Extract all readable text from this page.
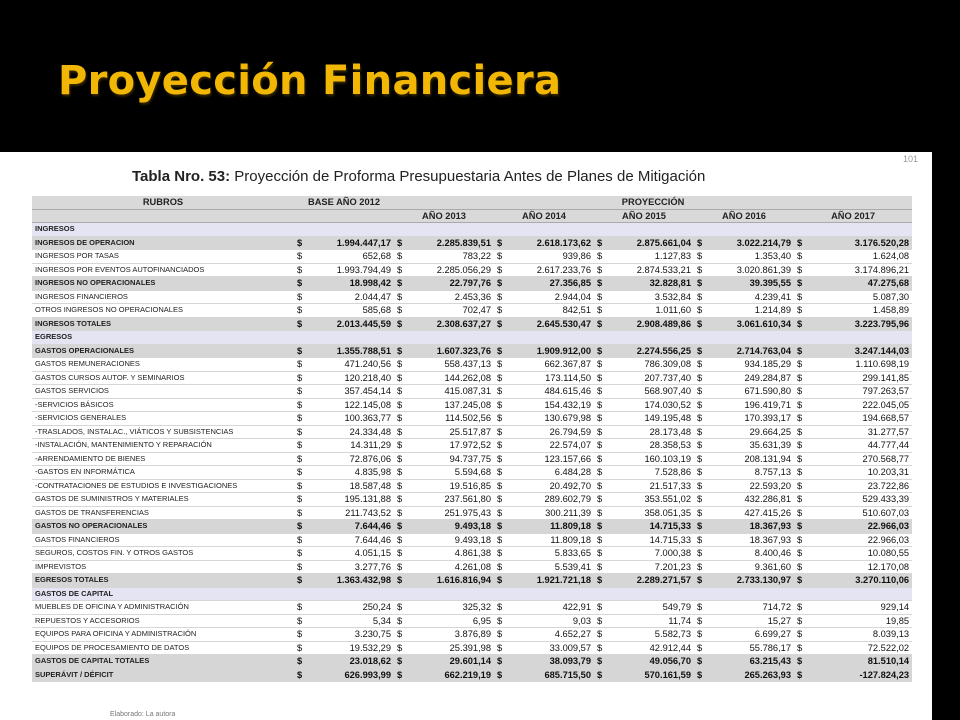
Proyección Financiera
101
Tabla Nro. 53: Proyección de Proforma Presupuestaria Antes de Planes de Mitigación
RUBROS	BASE AÑO 2012		PROYECCIÓN									
			AÑO 2013		AÑO 2014		AÑO 2015		AÑO 2016		AÑO 2017	
INGRESOS												
INGRESOS DE OPERACION	$	1.994.447,17	$	2.285.839,51	$	2.618.173,62	$	2.875.661,04	$	3.022.214,79	$	3.176.520,28
INGRESOS POR TASAS	$	652,68	$	783,22	$	939,86	$	1.127,83	$	1.353,40	$	1.624,08
INGRESOS POR EVENTOS AUTOFINANCIADOS	$	1.993.794,49	$	2.285.056,29	$	2.617.233,76	$	2.874.533,21	$	3.020.861,39	$	3.174.896,21
INGRESOS NO OPERACIONALES	$	18.998,42	$	22.797,76	$	27.356,85	$	32.828,81	$	39.395,55	$	47.275,68
INGRESOS FINANCIEROS	$	2.044,47	$	2.453,36	$	2.944,04	$	3.532,84	$	4.239,41	$	5.087,30
OTROS INGRESOS NO OPERACIONALES	$	585,68	$	702,47	$	842,51	$	1.011,60	$	1.214,89	$	1.458,89
INGRESOS TOTALES	$	2.013.445,59	$	2.308.637,27	$	2.645.530,47	$	2.908.489,86	$	3.061.610,34	$	3.223.795,96
EGRESOS												
GASTOS OPERACIONALES	$	1.355.788,51	$	1.607.323,76	$	1.909.912,00	$	2.274.556,25	$	2.714.763,04	$	3.247.144,03
GASTOS REMUNERACIONES	$	471.240,56	$	558.437,13	$	662.367,87	$	786.309,08	$	934.185,29	$	1.110.698,19
GASTOS CURSOS AUTOF. Y SEMINARIOS	$	120.218,40	$	144.262,08	$	173.114,50	$	207.737,40	$	249.284,87	$	299.141,85
GASTOS SERVICIOS	$	357.454,14	$	415.087,31	$	484.615,46	$	568.907,40	$	671.590,80	$	797.263,57
-SERVICIOS BÁSICOS	$	122.145,08	$	137.245,08	$	154.432,19	$	174.030,52	$	196.419,71	$	222.045,05
-SERVICIOS GENERALES	$	100.363,77	$	114.502,56	$	130.679,98	$	149.195,48	$	170.393,17	$	194.668,57
-TRASLADOS, INSTALAC., VIÁTICOS Y SUBSISTENCIAS	$	24.334,48	$	25.517,87	$	26.794,59	$	28.173,48	$	29.664,25	$	31.277,57
-INSTALACIÓN, MANTENIMIENTO Y REPARACIÓN	$	14.311,29	$	17.972,52	$	22.574,07	$	28.358,53	$	35.631,39	$	44.777,44
-ARRENDAMIENTO DE BIENES	$	72.876,06	$	94.737,75	$	123.157,66	$	160.103,19	$	208.131,94	$	270.568,77
-GASTOS EN INFORMÁTICA	$	4.835,98	$	5.594,68	$	6.484,28	$	7.528,86	$	8.757,13	$	10.203,31
-CONTRATACIONES DE ESTUDIOS E INVESTIGACIONES	$	18.587,48	$	19.516,85	$	20.492,70	$	21.517,33	$	22.593,20	$	23.722,86
GASTOS DE SUMINISTROS Y MATERIALES	$	195.131,88	$	237.561,80	$	289.602,79	$	353.551,02	$	432.286,81	$	529.433,39
GASTOS DE TRANSFERENCIAS	$	211.743,52	$	251.975,43	$	300.211,39	$	358.051,35	$	427.415,26	$	510.607,03
GASTOS NO OPERACIONALES	$	7.644,46	$	9.493,18	$	11.809,18	$	14.715,33	$	18.367,93	$	22.966,03
GASTOS FINANCIEROS	$	7.644,46	$	9.493,18	$	11.809,18	$	14.715,33	$	18.367,93	$	22.966,03
SEGUROS, COSTOS FIN. Y OTROS GASTOS	$	4.051,15	$	4.861,38	$	5.833,65	$	7.000,38	$	8.400,46	$	10.080,55
IMPREVISTOS	$	3.277,76	$	4.261,08	$	5.539,41	$	7.201,23	$	9.361,60	$	12.170,08
EGRESOS TOTALES	$	1.363.432,98	$	1.616.816,94	$	1.921.721,18	$	2.289.271,57	$	2.733.130,97	$	3.270.110,06
GASTOS DE CAPITAL												
MUEBLES DE OFICINA Y ADMINISTRACIÓN	$	250,24	$	325,32	$	422,91	$	549,79	$	714,72	$	929,14
REPUESTOS Y ACCESORIOS	$	5,34	$	6,95	$	9,03	$	11,74	$	15,27	$	19,85
EQUIPOS PARA OFICINA Y ADMINISTRACIÓN	$	3.230,75	$	3.876,89	$	4.652,27	$	5.582,73	$	6.699,27	$	8.039,13
EQUIPOS DE PROCESAMIENTO DE DATOS	$	19.532,29	$	25.391,98	$	33.009,57	$	42.912,44	$	55.786,17	$	72.522,02
GASTOS DE CAPITAL TOTALES	$	23.018,62	$	29.601,14	$	38.093,79	$	49.056,70	$	63.215,43	$	81.510,14
SUPERÁVIT / DÉFICIT	$	626.993,99	$	662.219,19	$	685.715,50	$	570.161,59	$	265.263,93	$	-127.824,23
Elaborado: La autora
